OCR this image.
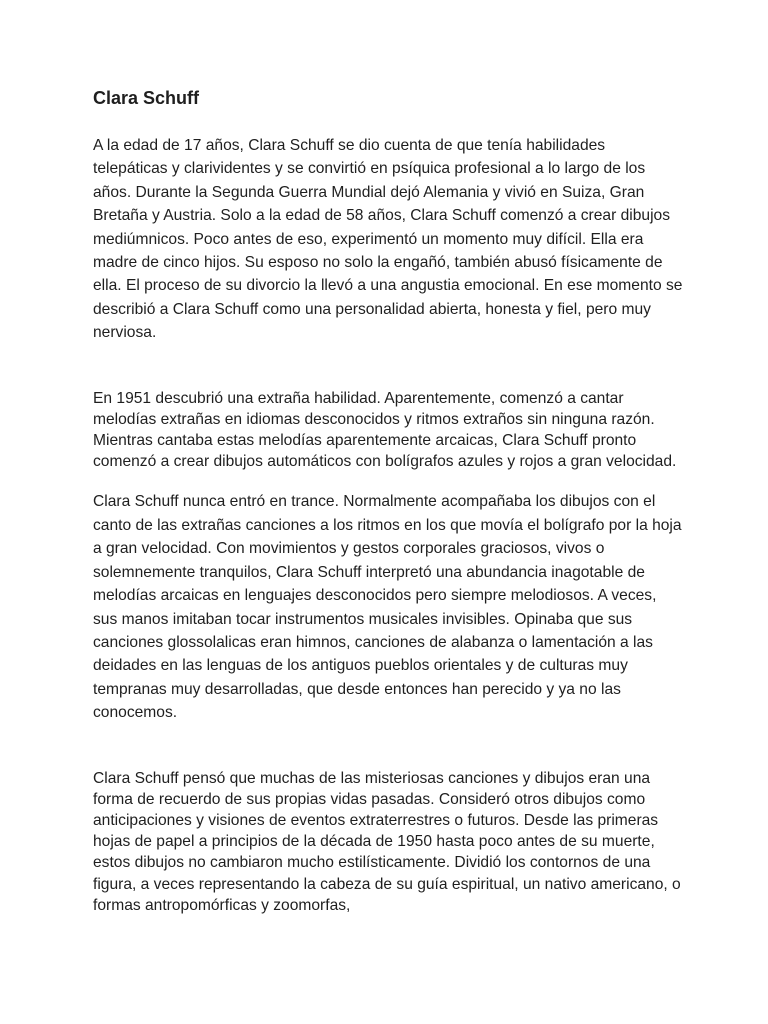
Clara Schuff

A la edad de 17 años, Clara Schuff se dio cuenta de que tenía habilidades telepáticas y clarividentes y se convirtió en psíquica profesional a lo largo de los años. Durante la Segunda Guerra Mundial dejó Alemania y vivió en Suiza, Gran Bretaña y Austria. Solo a la edad de 58 años, Clara Schuff comenzó a crear dibujos mediúmnicos. Poco antes de eso, experimentó un momento muy difícil. Ella era madre de cinco hijos. Su esposo no solo la engañó, también abusó físicamente de ella. El proceso de su divorcio la llevó a una angustia emocional. En ese momento se describió a Clara Schuff como una personalidad abierta, honesta y fiel, pero muy nerviosa.

En 1951 descubrió una extraña habilidad. Aparentemente, comenzó a cantar melodías extrañas en idiomas desconocidos y ritmos extraños sin ninguna razón. Mientras cantaba estas melodías aparentemente arcaicas, Clara Schuff pronto comenzó a crear dibujos automáticos con bolígrafos azules y rojos a gran velocidad.

Clara Schuff nunca entró en trance. Normalmente acompañaba los dibujos con el canto de las extrañas canciones a los ritmos en los que movía el bolígrafo por la hoja a gran velocidad. Con movimientos y gestos corporales graciosos, vivos o solemnemente tranquilos, Clara Schuff interpretó una abundancia inagotable de melodías arcaicas en lenguajes desconocidos pero siempre melodiosos. A veces, sus manos imitaban tocar instrumentos musicales invisibles. Opinaba que sus canciones glossolalicas eran himnos, canciones de alabanza o lamentación a las deidades en las lenguas de los antiguos pueblos orientales y de culturas muy tempranas muy desarrolladas, que desde entonces han perecido y ya no las conocemos.

Clara Schuff pensó que muchas de las misteriosas canciones y dibujos eran una forma de recuerdo de sus propias vidas pasadas. Consideró otros dibujos como anticipaciones y visiones de eventos extraterrestres o futuros. Desde las primeras hojas de papel a principios de la década de 1950 hasta poco antes de su muerte, estos dibujos no cambiaron mucho estilísticamente. Dividió los contornos de una figura, a veces representando la cabeza de su guía espiritual, un nativo americano, o formas antropomórficas y zoomorfas,
